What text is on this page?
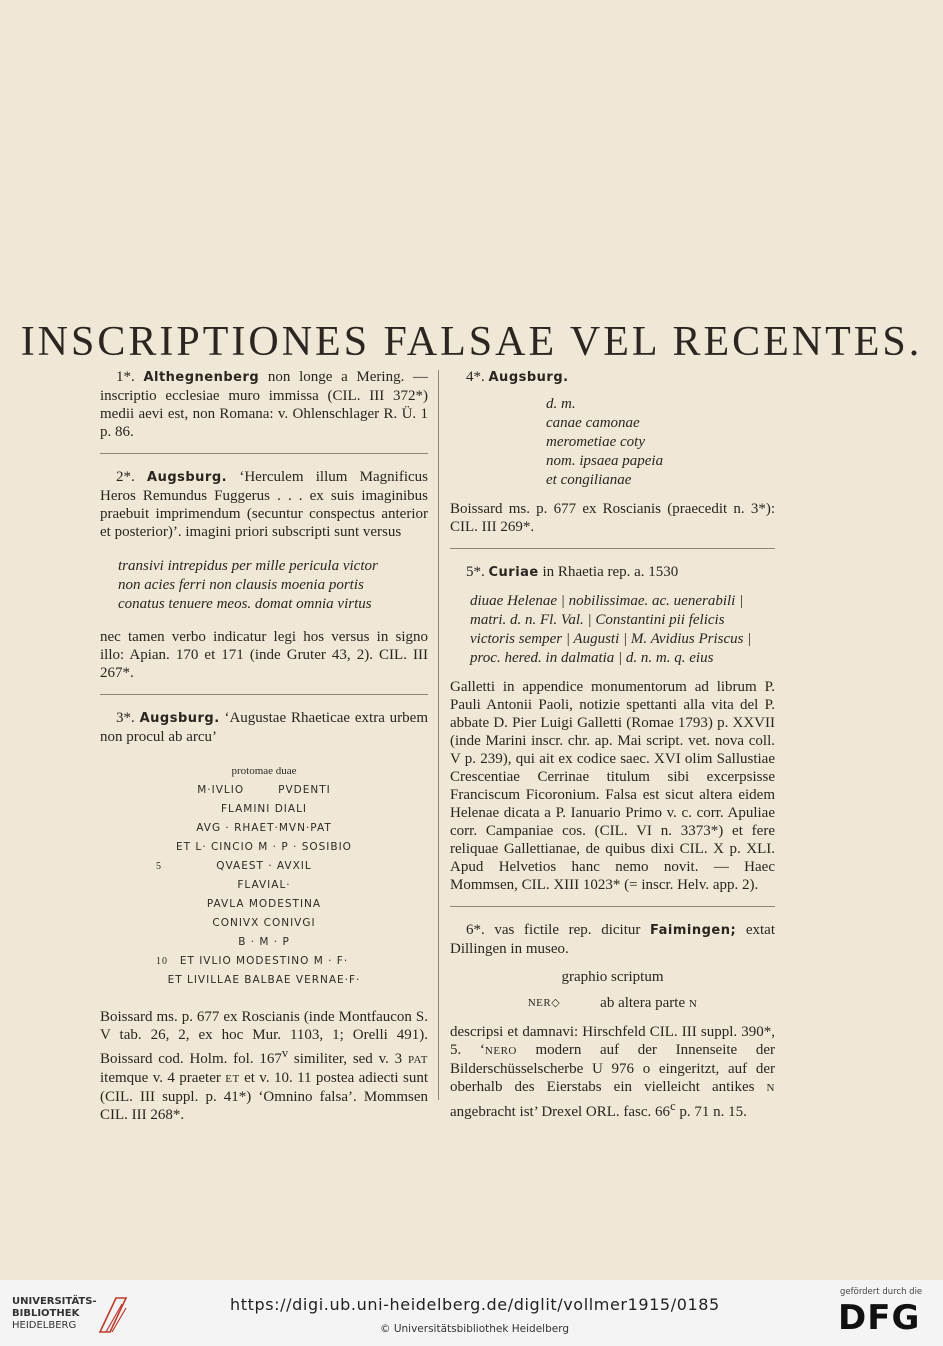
INSCRIPTIONES FALSAE VEL RECENTES.

1*. Althegnenberg non longe a Mering. — inscriptio ecclesiae muro immissa (CIL. III 372*) medii aevi est, non Romana: v. Ohlenschlager R. Ü. 1 p. 86.

2*. Augsburg. ‘Herculem illum Magnificus Heros Remundus Fuggerus . . . ex suis imaginibus praebuit imprimendum (secuntur conspectus anterior et posterior)’. imagini priori subscripti sunt versus

transivi intrepidus per mille pericula victor
non acies ferri non clausis moenia portis
conatus tenuere meos. domat omnia virtus

nec tamen verbo indicatur legi hos versus in signo illo: Apian. 170 et 171 (inde Gruter 43, 2). CIL. III 267*.

3*. Augsburg. ‘Augustae Rhaeticae extra urbem non procul ab arcu’

protomae duae
M·IVLIO	PVDENTI
FLAMINI DIALI
AVG · RHAET·MVN·PAT
ET L· CINCIO M · P · SOSIBIO
5	QVAEST · AVXIL
FLAVIAL·
PAVLA MODESTINA
CONIVX CONIVGI
B · M · P
10 ET IVLIO MODESTINO M · F·
ET LIVILLAE BALBAE VERNAE·F·

Boissard ms. p. 677 ex Roscianis (inde Montfaucon S. V tab. 26, 2, ex hoc Mur. 1103, 1; Orelli 491). Boissard cod. Holm. fol. 167$^v$ similiter, sed v. 3 PAT itemque v. 4 praeter ET et v. 10. 11 postea adiecti sunt (CIL. III suppl. p. 41*) ‘Omnino falsa’. Mommsen CIL. III 268*.

4*. Augsburg.

d. m.
canae camonae
merometiae coty
nom. ipsaea papeia
et congilianae

Boissard ms. p. 677 ex Roscianis (praecedit n. 3*): CIL. III 269*.

5*. Curiae in Rhaetia rep. a. 1530

diuae Helenae | nobilissimae. ac. uenerabili |
matri. d. n. Fl. Val. | Constantini pii felicis
victoris semper | Augusti | M. Avidius Priscus |
proc. hered. in dalmatia | d. n. m. q. eius

Galletti in appendice monumentorum ad librum P. Pauli Antonii Paoli, notizie spettanti alla vita del P. abbate D. Pier Luigi Galletti (Romae 1793) p. XXVII (inde Marini inscr. chr. ap. Mai script. vet. nova coll. V p. 239), qui ait ex codice saec. XVI olim Sallustiae Crescentiae Cerrinae titulum sibi excerpsisse Franciscum Ficoronium. Falsa est sicut altera eidem Helenae dicata a P. Ianuario Primo v. c. corr. Apuliae corr. Campaniae cos. (CIL. VI n. 3373*) et fere reliquae Gallettianae, de quibus dixi CIL. X p. XLI. Apud Helvetios hanc nemo novit. — Haec Mommsen, CIL. XIII 1023* (= inscr. Helv. app. 2).

6*. vas fictile rep. dicitur Faimingen; extat Dillingen in museo.

graphio scriptum
NER◇	ab altera parte N

descripsi et damnavi: Hirschfeld CIL. III suppl. 390*, 5. ‘NERO modern auf der Innenseite der Bilderschüsselscherbe U 976 o eingeritzt, auf der oberhalb des Eierstabs ein vielleicht antikes N angebracht ist’ Drexel ORL. fasc. 66$^c$ p. 71 n. 15.

UNIVERSITÄTS-
BIBLIOTHEK
HEIDELBERG
https://digi.ub.uni-heidelberg.de/diglit/vollmer1915/0185
© Universitätsbibliothek Heidelberg
gefördert durch die
DFG
